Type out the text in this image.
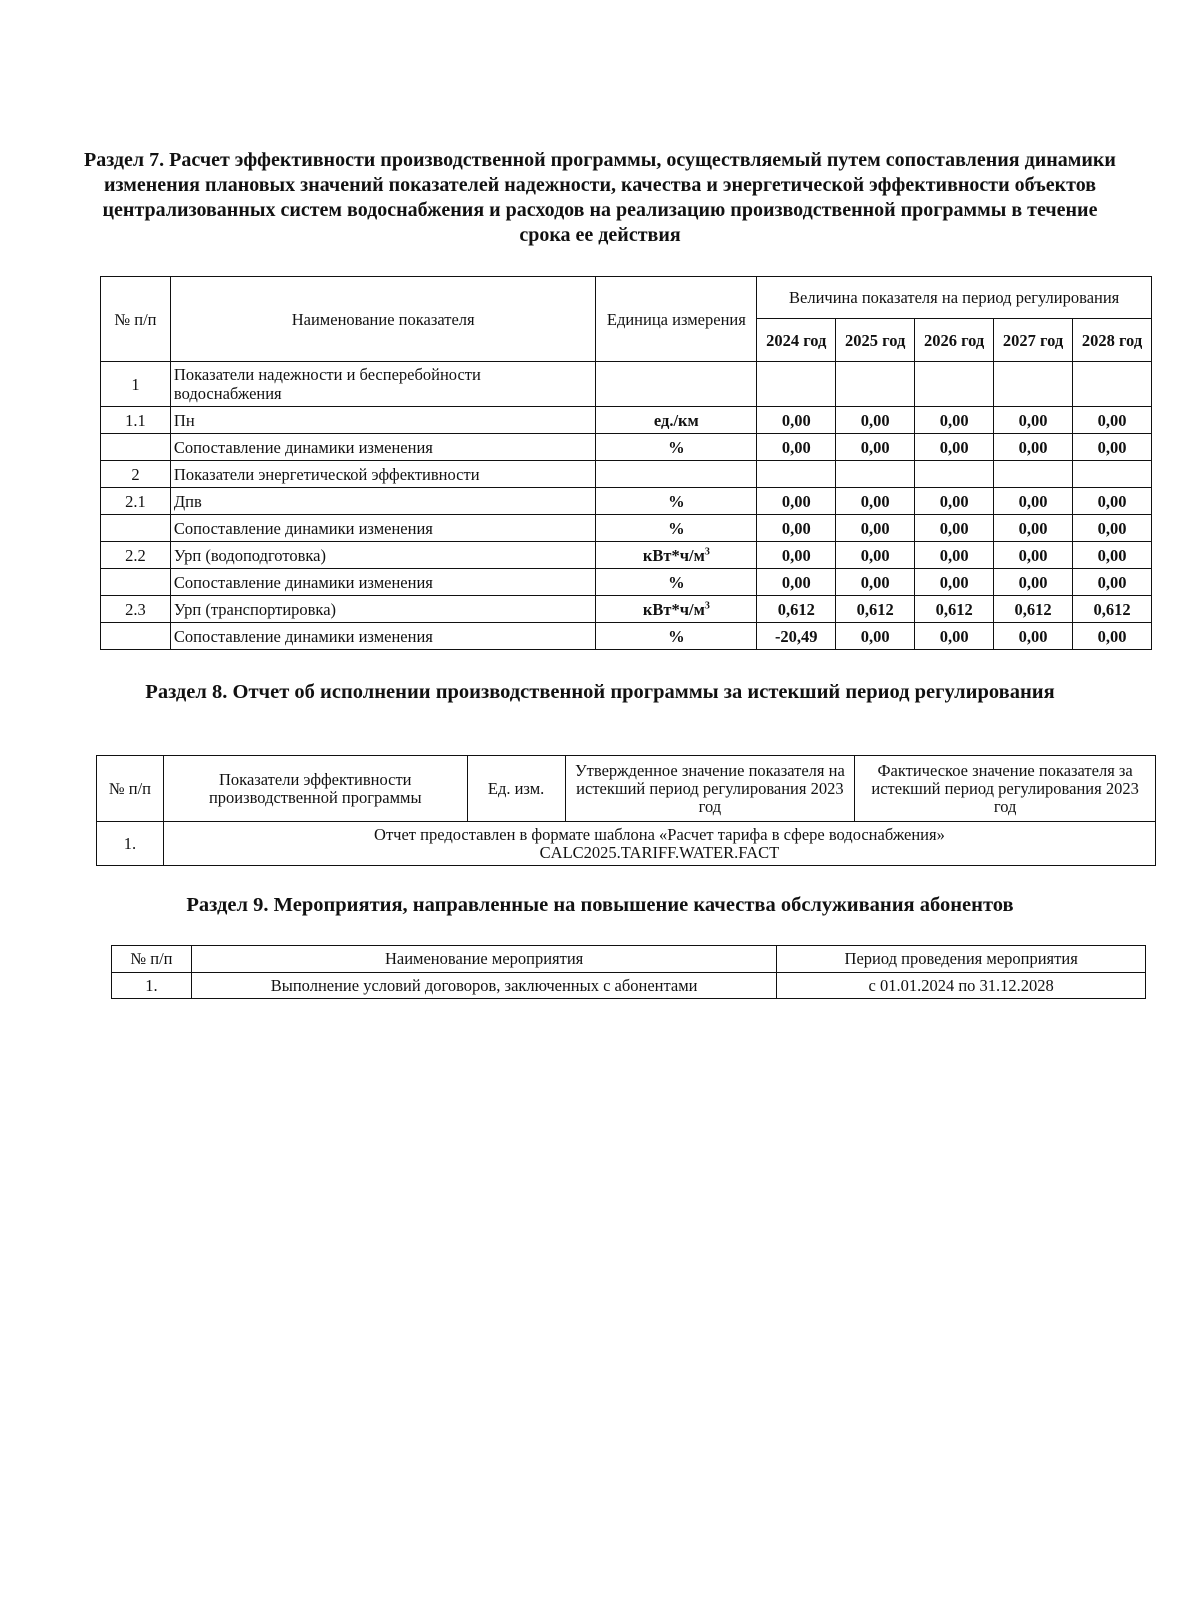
Раздел 7. Расчет эффективности производственной программы, осуществляемый путем сопоставления динамики изменения плановых значений показателей надежности, качества и энергетической эффективности объектов централизованных систем водоснабжения и расходов на реализацию производственной программы в течение срока ее действия
№ п/п	Наименование показателя	Единица измерения	Величина показателя на период регулирования				
			2024 год	2025 год	2026 год	2027 год	2028 год
1	Показатели надежности и бесперебойности водоснабжения						
1.1	Пн	ед./км	0,00	0,00	0,00	0,00	0,00
	Сопоставление динамики изменения	%	0,00	0,00	0,00	0,00	0,00
2	Показатели энергетической эффективности						
2.1	Дпв	%	0,00	0,00	0,00	0,00	0,00
	Сопоставление динамики изменения	%	0,00	0,00	0,00	0,00	0,00
2.2	Урп (водоподготовка)	$кВт*ч/м^3$	0,00	0,00	0,00	0,00	0,00
	Сопоставление динамики изменения	%	0,00	0,00	0,00	0,00	0,00
2.3	Урп (транспортировка)	$кВт*ч/м^3$	0,612	0,612	0,612	0,612	0,612
	Сопоставление динамики изменения	%	-20,49	0,00	0,00	0,00	0,00
Раздел 8. Отчет об исполнении производственной программы за истекший период регулирования
№ п/п	Показатели эффективности производственной программы	Ед. изм.	Утвержденное значение показателя на истекший период регулирования 2023 год	Фактическое значение показателя за истекший период регулирования 2023 год
1.	Отчет предоставлен в формате шаблона «Расчет тарифа в сфере водоснабжения» CALC2025.TARIFF.WATER.FACT			
Раздел 9. Мероприятия, направленные на повышение качества обслуживания абонентов
№ п/п	Наименование мероприятия	Период проведения мероприятия
1.	Выполнение условий договоров, заключенных с абонентами	с 01.01.2024 по 31.12.2028
